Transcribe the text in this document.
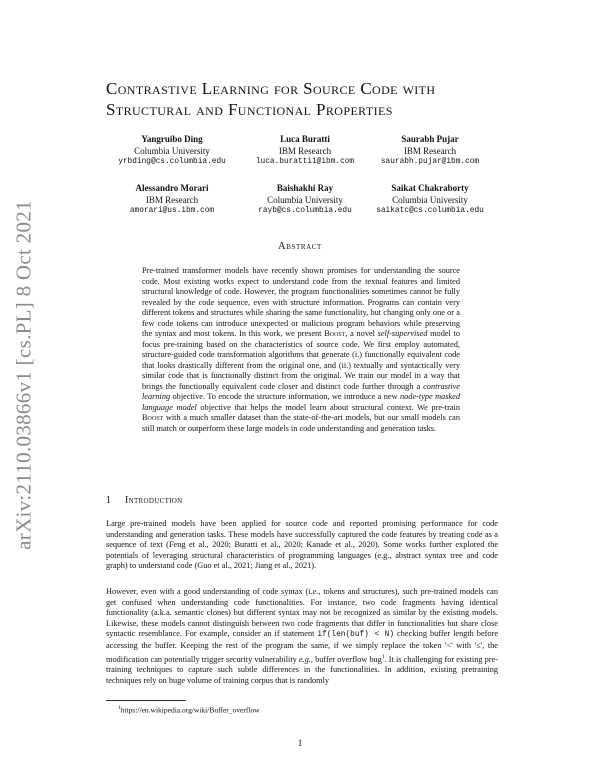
arXiv:2110.03866v1 [cs.PL] 8 Oct 2021
Contrastive Learning for Source Code with
Structural and Functional Properties
Yangruibo Ding
Columbia University
yrbding@cs.columbia.edu
Luca Buratti
IBM Research
luca.buratti1@ibm.com
Saurabh Pujar
IBM Research
saurabh.pujar@ibm.com
Alessandro Morari
IBM Research
amorari@us.ibm.com
Baishakhi Ray
Columbia University
rayb@cs.columbia.edu
Saikat Chakraborty
Columbia University
saikatc@cs.columbia.edu
Abstract
Pre-trained transformer models have recently shown promises for understanding the source code. Most existing works expect to understand code from the textual features and limited structural knowledge of code. However, the program functionalities sometimes cannot be fully revealed by the code sequence, even with structure information. Programs can contain very different tokens and structures while sharing the same functionality, but changing only one or a few code tokens can introduce unexpected or malicious program behaviors while preserving the syntax and most tokens. In this work, we present Boost, a novel self-supervised model to focus pre-training based on the characteristics of source code. We first employ automated, structure-guided code transformation algorithms that generate (i.) functionally equivalent code that looks drastically different from the original one, and (ii.) textually and syntactically very similar code that is functionally distinct from the original. We train our model in a way that brings the functionally equivalent code closer and distinct code further through a contrastive learning objective. To encode the structure information, we introduce a new node-type masked language model objective that helps the model learn about structural context. We pre-train Boost with a much smaller dataset than the state-of-the-art models, but our small models can still match or outperform these large models in code understanding and generation tasks.
1 Introduction
Large pre-trained models have been applied for source code and reported promising performance for code understanding and generation tasks. These models have successfully captured the code features by treating code as a sequence of text (Feng et al., 2020; Buratti et al., 2020; Kanade et al., 2020). Some works further explored the potentials of leveraging structural characteristics of programming languages (e.g., abstract syntax tree and code graph) to understand code (Guo et al., 2021; Jiang et al., 2021).
However, even with a good understanding of code syntax (i.e., tokens and structures), such pre-trained models can get confused when understanding code functionalities. For instance, two code fragments having identical functionality (a.k.a. semantic clones) but different syntax may not be recognized as similar by the existing models. Likewise, these models cannot distinguish between two code fragments that differ in functionalities but share close syntactic resemblance. For example, consider an if statement if(len(buf) < N) checking buffer length before accessing the buffer. Keeping the rest of the program the same, if we simply replace the token '<' with '≤', the modification can potentially trigger security vulnerability e.g., buffer overflow bug$^1$. It is challenging for existing pre-training techniques to capture such subtle differences in the functionalities. In addition, existing pretraining techniques rely on huge volume of training corpus that is randomly
$^1$https://en.wikipedia.org/wiki/Buffer_overflow
1
